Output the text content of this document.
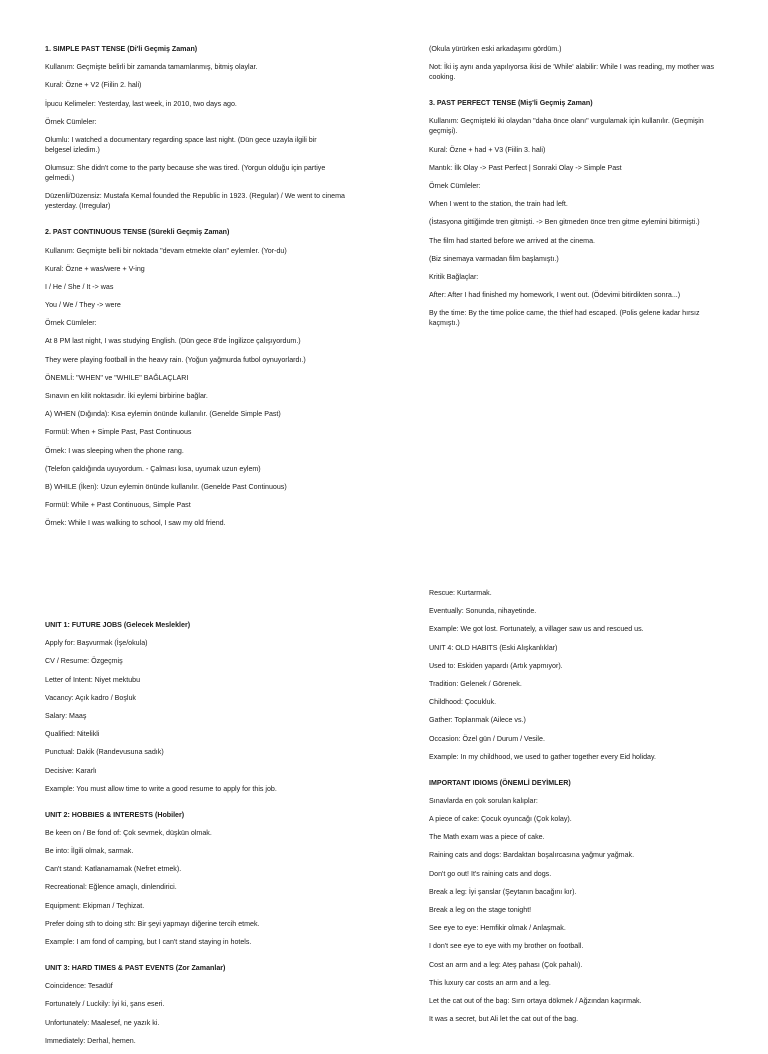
1. SIMPLE PAST TENSE (Di'li Geçmiş Zaman)

Kullanım: Geçmişte belirli bir zamanda tamamlanmış, bitmiş olaylar.

Kural: Özne + V2 (Fiilin 2. hali)

İpucu Kelimeler: Yesterday, last week, in 2010, two days ago.

Örnek Cümleler:

Olumlu: I watched a documentary regarding space last night. (Dün gece uzayla ilgili bir belgesel izledim.)

Olumsuz: She didn't come to the party because she was tired. (Yorgun olduğu için partiye gelmedi.)

Düzenli/Düzensiz: Mustafa Kemal founded the Republic in 1923. (Regular) / We went to cinema yesterday. (Irregular)

2. PAST CONTINUOUS TENSE (Sürekli Geçmiş Zaman)

Kullanım: Geçmişte belli bir noktada "devam etmekte olan" eylemler. (Yor-du)

Kural: Özne + was/were + V-ing

I / He / She / It -> was

You / We / They -> were

Örnek Cümleler:

At 8 PM last night, I was studying English. (Dün gece 8'de İngilizce çalışıyordum.)

They were playing football in the heavy rain. (Yoğun yağmurda futbol oynuyorlardı.)

ÖNEMLİ: "WHEN" ve "WHILE" BAĞLAÇLARI

Sınavın en kilit noktasıdır. İki eylemi birbirine bağlar.

A) WHEN (Dığında): Kısa eylemin önünde kullanılır. (Genelde Simple Past)

Formül: When + Simple Past, Past Continuous

Örnek: I was sleeping when the phone rang.

(Telefon çaldığında uyuyordum. - Çalması kısa, uyumak uzun eylem)

B) WHILE (İken): Uzun eylemin önünde kullanılır. (Genelde Past Continuous)

Formül: While + Past Continuous, Simple Past

Örnek: While I was walking to school, I saw my old friend.

(Okula yürürken eski arkadaşımı gördüm.)

Not: İki iş aynı anda yapılıyorsa ikisi de 'While' alabilir: While I was reading, my mother was cooking.

3. PAST PERFECT TENSE (Miş'li Geçmiş Zaman)

Kullanım: Geçmişteki iki olaydan "daha önce olanı" vurgulamak için kullanılır. (Geçmişin geçmişi).

Kural: Özne + had + V3 (Fiilin 3. hali)

Mantık: İlk Olay -> Past Perfect | Sonraki Olay -> Simple Past

Örnek Cümleler:

When I went to the station, the train had left.

(İstasyona gittiğimde tren gitmişti. -> Ben gitmeden önce tren gitme eylemini bitirmişti.)

The film had started before we arrived at the cinema.

(Biz sinemaya varmadan film başlamıştı.)

Kritik Bağlaçlar:

After: After I had finished my homework, I went out. (Ödevimi bitirdikten sonra...)

By the time: By the time police came, the thief had escaped. (Polis gelene kadar hırsız kaçmıştı.)

UNIT 1: FUTURE JOBS (Gelecek Meslekler)

Apply for: Başvurmak (İşe/okula)

CV / Resume: Özgeçmiş

Letter of Intent: Niyet mektubu

Vacancy: Açık kadro / Boşluk

Salary: Maaş

Qualified: Nitelikli

Punctual: Dakik (Randevusuna sadık)

Decisive: Kararlı

Example: You must allow time to write a good resume to apply for this job.

UNIT 2: HOBBIES & INTERESTS (Hobiler)

Be keen on / Be fond of: Çok sevmek, düşkün olmak.

Be into: İlgili olmak, sarmak.

Can't stand: Katlanamamak (Nefret etmek).

Recreational: Eğlence amaçlı, dinlendirici.

Equipment: Ekipman / Teçhizat.

Prefer doing sth to doing sth: Bir şeyi yapmayı diğerine tercih etmek.

Example: I am fond of camping, but I can't stand staying in hotels.

UNIT 3: HARD TIMES & PAST EVENTS (Zor Zamanlar)

Coincidence: Tesadüf

Fortunately / Luckily: İyi ki, şans eseri.

Unfortunately: Maalesef, ne yazık ki.

Immediately: Derhal, hemen.

Rescue: Kurtarmak.

Eventually: Sonunda, nihayetinde.

Example: We got lost. Fortunately, a villager saw us and rescued us.

UNIT 4: OLD HABITS (Eski Alışkanlıklar)

Used to: Eskiden yapardı (Artık yapmıyor).

Tradition: Gelenek / Görenek.

Childhood: Çocukluk.

Gather: Toplanmak (Ailece vs.)

Occasion: Özel gün / Durum / Vesile.

Example: In my childhood, we used to gather together every Eid holiday.

IMPORTANT IDIOMS (ÖNEMLİ DEYİMLER)

Sınavlarda en çok sorulan kalıplar:

A piece of cake: Çocuk oyuncağı (Çok kolay).

The Math exam was a piece of cake.

Raining cats and dogs: Bardaktan boşalırcasına yağmur yağmak.

Don't go out! It's raining cats and dogs.

Break a leg: İyi şanslar (Şeytanın bacağını kır).

Break a leg on the stage tonight!

See eye to eye: Hemfikir olmak / Anlaşmak.

I don't see eye to eye with my brother on football.

Cost an arm and a leg: Ateş pahası (Çok pahalı).

This luxury car costs an arm and a leg.

Let the cat out of the bag: Sırrı ortaya dökmek / Ağzından kaçırmak.

It was a secret, but Ali let the cat out of the bag.
